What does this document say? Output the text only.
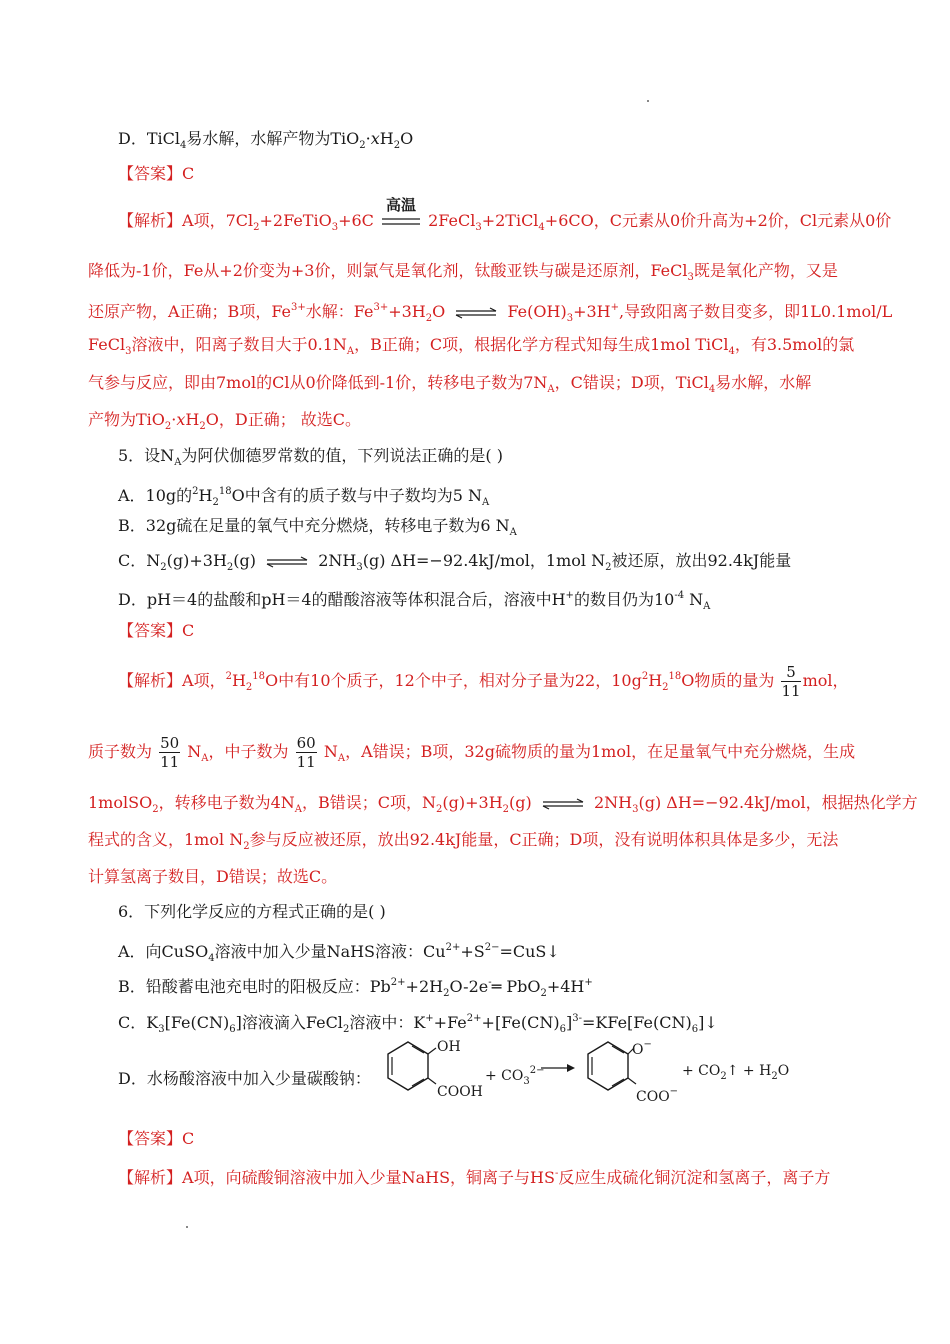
D．TiCl$_4$易水解，水解产物为$TiO_2\cdot xH_2O$
【答案】C
【解析】A项，$7Cl_2+2FeTiO_3+6C$
高温
2FeCl$_3$+2TiCl$_4$+6CO，C元素从0价升高为+2价，Cl元素从0价
降低为-1价，Fe从+2价变为+3价，则氯气是氧化剂，钛酸亚铁与碳是还原剂，FeCl$_3$既是氧化产物，又是
还原产物，A正确；B项，$Fe^{3+}$水解：$Fe^{3+}+3H_2O$ ⇌ $Fe(OH)_3+3H^+$,导致阳离子数目变多，即1L0.1mol/L
FeCl$_3$溶液中，阳离子数目大于$0.1N_A$，B正确；C项，根据化学方程式知每生成1mol TiCl$_4$，有3.5mol的氯
气参与反应，即由7mol的Cl从0价降低到-1价，转移电子数为$7N_A$，C错误；D项，TiCl$_4$易水解，水解
产物为$TiO_2\cdot xH_2O$，D正确； 故选C。
5．设$N_A$为阿伏伽德罗常数的值，下列说法正确的是( )
A．10g的$^2H_2^{18}O$中含有的质子数与中子数均为5 $N_A$
B．32g硫在足量的氧气中充分燃烧，转移电子数为6 $N_A$
C．$N_2(g)+3H_2(g)$ ⇌ $2NH_3(g)$ ΔH=−92.4kJ/mol，1mol $N_2$被还原，放出92.4kJ能量
D．pH＝4的盐酸和pH＝4的醋酸溶液等体积混合后，溶液中H+的数目仍为$10^{-4}$ $N_A$
【答案】C
【解析】A项，$^2H_2^{18}O$中有10个质子，12个中子，相对分子量为22，$10g^2H_2^{18}O$物质的量为 $\frac{5}{11}$ mol，
质子数为 $\frac{50}{11} N_A$，中子数为 $\frac{60}{11} N_A$，A错误；B项，32g硫物质的量为1mol，在足量氧气中充分燃烧，生成
1molSO$_2$，转移电子数为$4N_A$，B错误；C项，$N_2(g)+3H_2(g)$ ⇌ $2NH_3(g)$ ΔH=−92.4kJ/mol，根据热化学方
程式的含义，1mol $N_2$参与反应被还原，放出92.4kJ能量，C正确；D项，没有说明体积具体是多少，无法
计算氢离子数目，D错误；故选C。
6．下列化学反应的方程式正确的是( )
A．向CuSO$_4$溶液中加入少量NaHS溶液：$Cu^{2+}+S^{2-}=CuS↓$
B．铅酸蓄电池充电时的阳极反应：$Pb^{2+}+2H_2O-2e^-═$ PbO$_2$+4H+
C．$K_3[Fe(CN)_6]$溶液滴入FeCl$_2$溶液中：$K^++Fe^{2+}+[Fe(CN)_6]^{3-}=KFe[Fe(CN)_6]↓$
D．水杨酸溶液中加入少量碳酸钠：
OH
COOH
+ $CO_3^{2-}$
O−
COO−
+ $CO_2↑ + H_2O$
【答案】C
【解析】A项，向硫酸铜溶液中加入少量NaHS，铜离子与HS-反应生成硫化铜沉淀和氢离子，离子方
